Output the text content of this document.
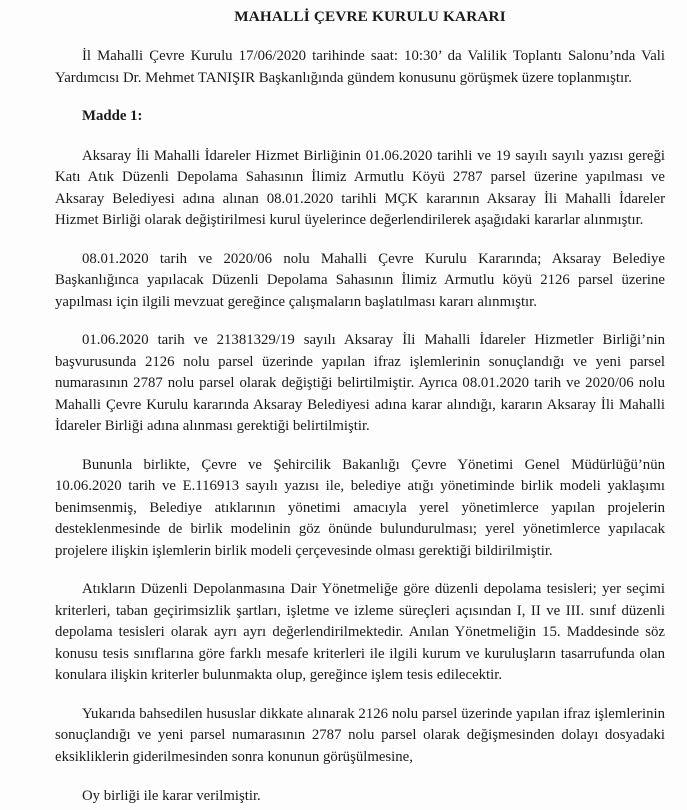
MAHALLİ ÇEVRE KURULU KARARI

İl Mahalli Çevre Kurulu 17/06/2020 tarihinde saat: 10:30’ da Valilik Toplantı Salonu’nda Vali Yardımcısı Dr. Mehmet TANIŞIR Başkanlığında gündem konusunu görüşmek üzere toplanmıştır.

Madde 1:

Aksaray İli Mahalli İdareler Hizmet Birliğinin 01.06.2020 tarihli ve 19 sayılı sayılı yazısı gereği Katı Atık Düzenli Depolama Sahasının İlimiz Armutlu Köyü 2787 parsel üzerine yapılması ve Aksaray Belediyesi adına alınan 08.01.2020 tarihli MÇK kararının Aksaray İli Mahalli İdareler Hizmet Birliği olarak değiştirilmesi kurul üyelerince değerlendirilerek aşağıdaki kararlar alınmıştır.

08.01.2020 tarih ve 2020/06 nolu Mahalli Çevre Kurulu Kararında; Aksaray Belediye Başkanlığınca yapılacak Düzenli Depolama Sahasının İlimiz Armutlu köyü 2126 parsel üzerine yapılması için ilgili mevzuat gereğince çalışmaların başlatılması kararı alınmıştır.

01.06.2020 tarih ve 21381329/19 sayılı Aksaray İli Mahalli İdareler Hizmetler Birliği’nin başvurusunda 2126 nolu parsel üzerinde yapılan ifraz işlemlerinin sonuçlandığı ve yeni parsel numarasının 2787 nolu parsel olarak değiştiği belirtilmiştir. Ayrıca 08.01.2020 tarih ve 2020/06 nolu Mahalli Çevre Kurulu kararında Aksaray Belediyesi adına karar alındığı, kararın Aksaray İli Mahalli İdareler Birliği adına alınması gerektiği belirtilmiştir.

Bununla birlikte, Çevre ve Şehircilik Bakanlığı Çevre Yönetimi Genel Müdürlüğü’nün 10.06.2020 tarih ve E.116913 sayılı yazısı ile, belediye atığı yönetiminde birlik modeli yaklaşımı benimsenmiş, Belediye atıklarının yönetimi amacıyla yerel yönetimlerce yapılan projelerin desteklenmesinde de birlik modelinin göz önünde bulundurulması; yerel yönetimlerce yapılacak projelere ilişkin işlemlerin birlik modeli çerçevesinde olması gerektiği bildirilmiştir.

Atıkların Düzenli Depolanmasına Dair Yönetmeliğe göre düzenli depolama tesisleri; yer seçimi kriterleri, taban geçirimsizlik şartları, işletme ve izleme süreçleri açısından I, II ve III. sınıf düzenli depolama tesisleri olarak ayrı ayrı değerlendirilmektedir. Anılan Yönetmeliğin 15. Maddesinde söz konusu tesis sınıflarına göre farklı mesafe kriterleri ile ilgili kurum ve kuruluşların tasarrufunda olan konulara ilişkin kriterler bulunmakta olup, gereğince işlem tesis edilecektir.

Yukarıda bahsedilen hususlar dikkate alınarak 2126 nolu parsel üzerinde yapılan ifraz işlemlerinin sonuçlandığı ve yeni parsel numarasının 2787 nolu parsel olarak değişmesinden dolayı dosyadaki eksikliklerin giderilmesinden sonra konunun görüşülmesine,

Oy birliği ile karar verilmiştir.
